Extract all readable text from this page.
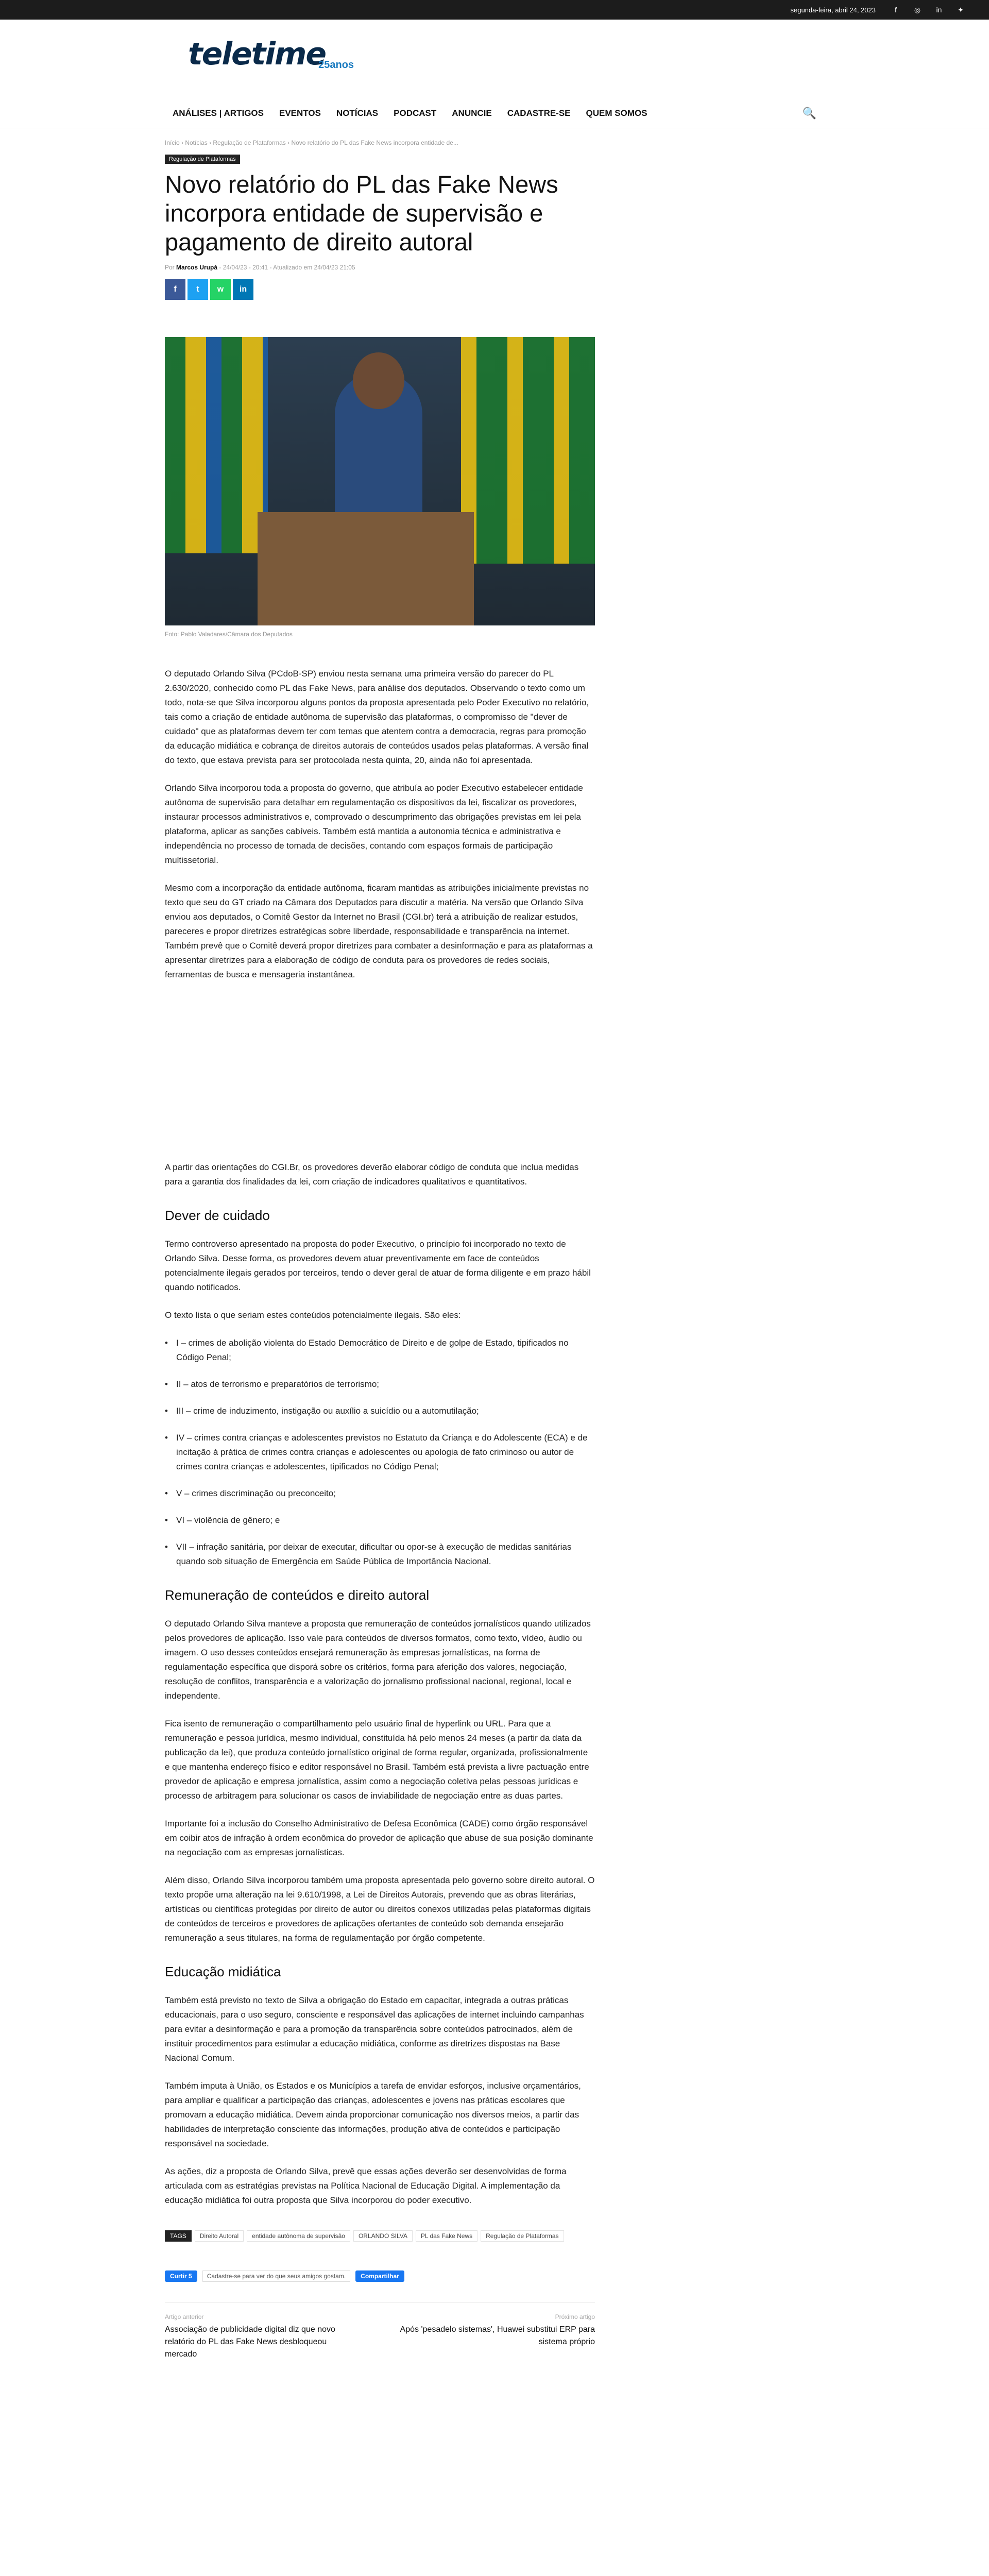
segunda-feira, abril 24, 2023	f	◎	in	✦
teletime
25anos
ANÁLISES | ARTIGOS EVENTOS NOTÍCIAS PODCAST ANUNCIE CADASTRE-SE QUEM SOMOS	🔍
Início › Notícias › Regulação de Plataformas › Novo relatório do PL das Fake News incorpora entidade de...
Regulação de Plataformas
Novo relatório do PL das Fake News incorpora entidade de supervisão e pagamento de direito autoral
Por Marcos Urupá - 24/04/23 - 20:41 - Atualizado em 24/04/23 21:05
f	t	w	in
Foto: Pablo Valadares/Câmara dos Deputados

O deputado Orlando Silva (PCdoB-SP) enviou nesta semana uma primeira versão do parecer do PL 2.630/2020, conhecido como PL das Fake News, para análise dos deputados. Observando o texto como um todo, nota-se que Silva incorporou alguns pontos da proposta apresentada pelo Poder Executivo no relatório, tais como a criação de entidade autônoma de supervisão das plataformas, o compromisso de "dever de cuidado" que as plataformas devem ter com temas que atentem contra a democracia, regras para promoção da educação midiática e cobrança de direitos autorais de conteúdos usados pelas plataformas. A versão final do texto, que estava prevista para ser protocolada nesta quinta, 20, ainda não foi apresentada.

Orlando Silva incorporou toda a proposta do governo, que atribuía ao poder Executivo estabelecer entidade autônoma de supervisão para detalhar em regulamentação os dispositivos da lei, fiscalizar os provedores, instaurar processos administrativos e, comprovado o descumprimento das obrigações previstas em lei pela plataforma, aplicar as sanções cabíveis. Também está mantida a autonomia técnica e administrativa e independência no processo de tomada de decisões, contando com espaços formais de participação multissetorial.

Mesmo com a incorporação da entidade autônoma, ficaram mantidas as atribuições inicialmente previstas no texto que seu do GT criado na Câmara dos Deputados para discutir a matéria. Na versão que Orlando Silva enviou aos deputados, o Comitê Gestor da Internet no Brasil (CGI.br) terá a atribuição de realizar estudos, pareceres e propor diretrizes estratégicas sobre liberdade, responsabilidade e transparência na internet. Também prevê que o Comitê deverá propor diretrizes para combater a desinformação e para as plataformas a apresentar diretrizes para a elaboração de código de conduta para os provedores de redes sociais, ferramentas de busca e mensageria instantânea.

A partir das orientações do CGI.Br, os provedores deverão elaborar código de conduta que inclua medidas para a garantia dos finalidades da lei, com criação de indicadores qualitativos e quantitativos.

Dever de cuidado

Termo controverso apresentado na proposta do poder Executivo, o princípio foi incorporado no texto de Orlando Silva. Desse forma, os provedores devem atuar preventivamente em face de conteúdos potencialmente ilegais gerados por terceiros, tendo o dever geral de atuar de forma diligente e em prazo hábil quando notificados.

O texto lista o que seriam estes conteúdos potencialmente ilegais. São eles:

• I – crimes de abolição violenta do Estado Democrático de Direito e de golpe de Estado, tipificados no Código Penal;
• II – atos de terrorismo e preparatórios de terrorismo;
• III – crime de induzimento, instigação ou auxílio a suicídio ou a automutilação;
• IV – crimes contra crianças e adolescentes previstos no Estatuto da Criança e do Adolescente (ECA) e de incitação à prática de crimes contra crianças e adolescentes ou apologia de fato criminoso ou autor de crimes contra crianças e adolescentes, tipificados no Código Penal;
• V – crimes discriminação ou preconceito;
• VI – violência de gênero; e
• VII – infração sanitária, por deixar de executar, dificultar ou opor-se à execução de medidas sanitárias quando sob situação de Emergência em Saúde Pública de Importância Nacional.
Remuneração de conteúdos e direito autoral

O deputado Orlando Silva manteve a proposta que remuneração de conteúdos jornalísticos quando utilizados pelos provedores de aplicação. Isso vale para conteúdos de diversos formatos, como texto, vídeo, áudio ou imagem. O uso desses conteúdos ensejará remuneração às empresas jornalísticas, na forma de regulamentação específica que disporá sobre os critérios, forma para aferição dos valores, negociação, resolução de conflitos, transparência e a valorização do jornalismo profissional nacional, regional, local e independente.

Fica isento de remuneração o compartilhamento pelo usuário final de hyperlink ou URL. Para que a remuneração e pessoa jurídica, mesmo individual, constituída há pelo menos 24 meses (a partir da data da publicação da lei), que produza conteúdo jornalístico original de forma regular, organizada, profissionalmente e que mantenha endereço físico e editor responsável no Brasil. Também está prevista a livre pactuação entre provedor de aplicação e empresa jornalística, assim como a negociação coletiva pelas pessoas jurídicas e processo de arbitragem para solucionar os casos de inviabilidade de negociação entre as duas partes.

Importante foi a inclusão do Conselho Administrativo de Defesa Econômica (CADE) como órgão responsável em coibir atos de infração à ordem econômica do provedor de aplicação que abuse de sua posição dominante na negociação com as empresas jornalísticas.

Além disso, Orlando Silva incorporou também uma proposta apresentada pelo governo sobre direito autoral. O texto propõe uma alteração na lei 9.610/1998, a Lei de Direitos Autorais, prevendo que as obras literárias, artísticas ou científicas protegidas por direito de autor ou direitos conexos utilizadas pelas plataformas digitais de conteúdos de terceiros e provedores de aplicações ofertantes de conteúdo sob demanda ensejarão remuneração a seus titulares, na forma de regulamentação por órgão competente.

Educação midiática

Também está previsto no texto de Silva a obrigação do Estado em capacitar, integrada a outras práticas educacionais, para o uso seguro, consciente e responsável das aplicações de internet incluindo campanhas para evitar a desinformação e para a promoção da transparência sobre conteúdos patrocinados, além de instituir procedimentos para estimular a educação midiática, conforme as diretrizes dispostas na Base Nacional Comum.

Também imputa à União, os Estados e os Municípios a tarefa de envidar esforços, inclusive orçamentários, para ampliar e qualificar a participação das crianças, adolescentes e jovens nas práticas escolares que promovam a educação midiática. Devem ainda proporcionar comunicação nos diversos meios, a partir das habilidades de interpretação consciente das informações, produção ativa de conteúdos e participação responsável na sociedade.

As ações, diz a proposta de Orlando Silva, prevê que essas ações deverão ser desenvolvidas de forma articulada com as estratégias previstas na Política Nacional de Educação Digital. A implementação da educação midiática foi outra proposta que Silva incorporou do poder executivo.

TAGS	Direito Autoral	entidade autônoma de supervisão	ORLANDO SILVA	PL das Fake News	Regulação de Plataformas
Curtir 5	Cadastre-se para ver do que seus amigos gostam.	Compartilhar
Artigo anterior
Associação de publicidade digital diz que novo relatório do PL das Fake News desbloqueou mercado
Próximo artigo
Após 'pesadelo sistemas', Huawei substitui ERP para sistema próprio
